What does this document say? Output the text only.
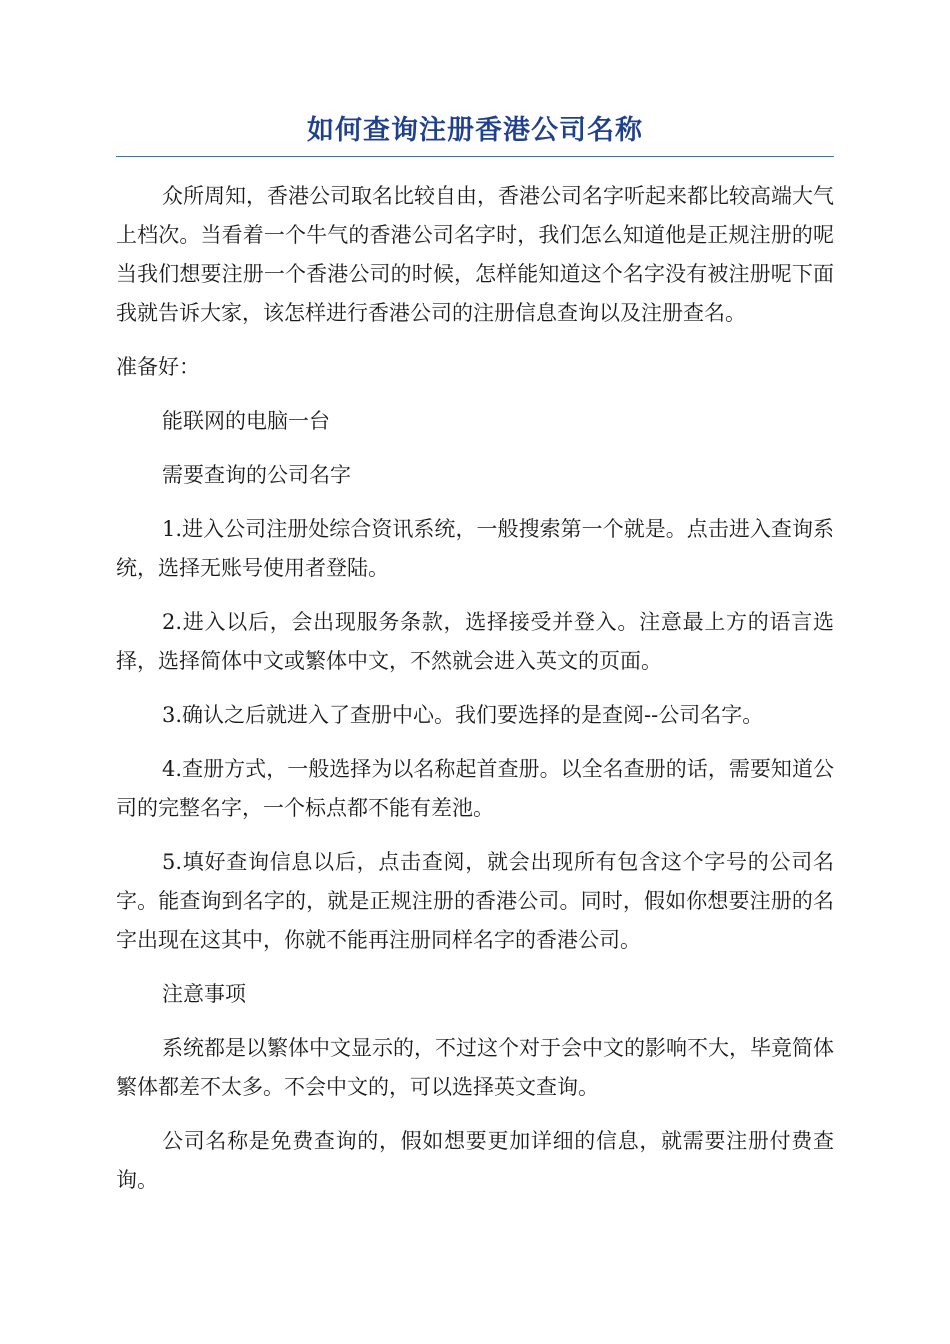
如何查询注册香港公司名称

众所周知，香港公司取名比较自由，香港公司名字听起来都比较高端大气上档次。当看着一个牛气的香港公司名字时，我们怎么知道他是正规注册的呢当我们想要注册一个香港公司的时候，怎样能知道这个名字没有被注册呢下面我就告诉大家，该怎样进行香港公司的注册信息查询以及注册查名。

准备好：

能联网的电脑一台

需要查询的公司名字

1.进入公司注册处综合资讯系统，一般搜索第一个就是。点击进入查询系统，选择无账号使用者登陆。

2.进入以后，会出现服务条款，选择接受并登入。注意最上方的语言选择，选择简体中文或繁体中文，不然就会进入英文的页面。

3.确认之后就进入了查册中心。我们要选择的是查阅--公司名字。

4.查册方式，一般选择为以名称起首查册。以全名查册的话，需要知道公司的完整名字，一个标点都不能有差池。

5.填好查询信息以后，点击查阅，就会出现所有包含这个字号的公司名字。能查询到名字的，就是正规注册的香港公司。同时，假如你想要注册的名字出现在这其中，你就不能再注册同样名字的香港公司。

注意事项

系统都是以繁体中文显示的，不过这个对于会中文的影响不大，毕竟简体繁体都差不太多。不会中文的，可以选择英文查询。

公司名称是免费查询的，假如想要更加详细的信息，就需要注册付费查询。
